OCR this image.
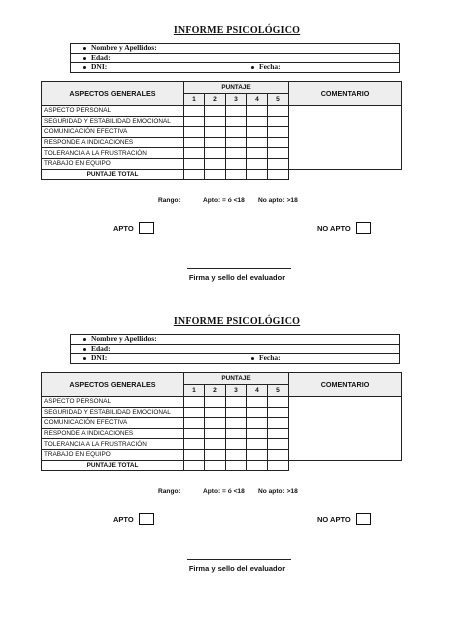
INFORME PSICOLÓGICO
Nombre y Apellidos:
Edad:
DNI:	Fecha:
ASPECTOS GENERALES	PUNTAJE					COMENTARIO
	1	2	3	4	5	
ASPECTO PERSONAL						
SEGURIDAD Y ESTABILIDAD EMOCIONAL						
COMUNICACIÓN EFECTIVA						
RESPONDE A INDICACIONES						
TOLERANCIA A LA FRUSTRACIÓN						
TRABAJO EN EQUIPO						
PUNTAJE TOTAL						
Rango:	Apto: = ó <18 No apto: >18
APTO	NO APTO
Firma y sello del evaluador
INFORME PSICOLÓGICO
Nombre y Apellidos:
Edad:
DNI:	Fecha:
ASPECTOS GENERALES	PUNTAJE					COMENTARIO
	1	2	3	4	5	
ASPECTO PERSONAL						
SEGURIDAD Y ESTABILIDAD EMOCIONAL						
COMUNICACIÓN EFECTIVA						
RESPONDE A INDICACIONES						
TOLERANCIA A LA FRUSTRACIÓN						
TRABAJO EN EQUIPO						
PUNTAJE TOTAL						
Rango:	Apto: = ó <18 No apto: >18
APTO	NO APTO
Firma y sello del evaluador
